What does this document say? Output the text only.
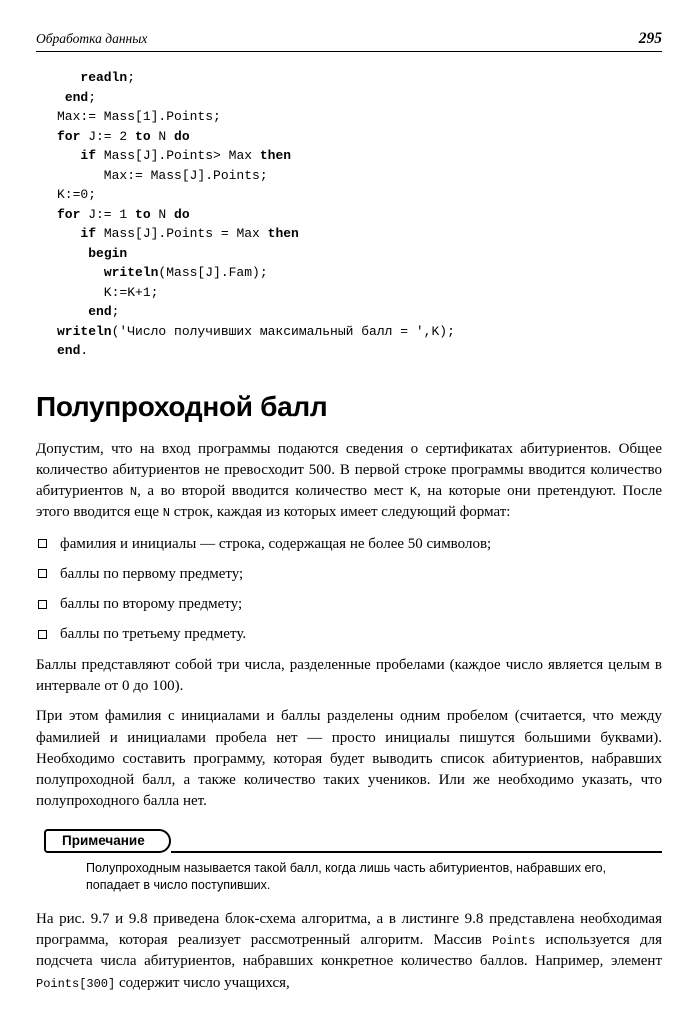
Обработка данных	295
readln;
end;
Max:= Mass[1].Points;
for J:= 2 to N do
if Mass[J].Points> Max then
Max:= Mass[J].Points;
K:=0;
for J:= 1 to N do
if Mass[J].Points = Max then
begin
writeln(Mass[J].Fam);
K:=K+1;
end;
writeln('Число получивших максимальный балл = ',K);
end.
Полупроходной балл

Допустим, что на вход программы подаются сведения о сертификатах абитуриентов. Общее количество абитуриентов не превосходит 500. В первой строке программы вводится количество абитуриентов N, а во второй вводится количество мест K, на которые они претендуют. После этого вводится еще N строк, каждая из которых имеет следующий формат:

фамилия и инициалы — строка, содержащая не более 50 символов;
баллы по первому предмету;
баллы по второму предмету;
баллы по третьему предмету.

Баллы представляют собой три числа, разделенные пробелами (каждое число является целым в интервале от 0 до 100).

При этом фамилия с инициалами и баллы разделены одним пробелом (считается, что между фамилией и инициалами пробела нет — просто инициалы пишутся большими буквами). Необходимо составить программу, которая будет выводить список абитуриентов, набравших полупроходной балл, а также количество таких учеников. Или же необходимо указать, что полупроходного балла нет.

Примечание

Полупроходным называется такой балл, когда лишь часть абитуриентов, набравших его, попадает в число поступивших.

На рис. 9.7 и 9.8 приведена блок-схема алгоритма, а в листинге 9.8 представлена необходимая программа, которая реализует рассмотренный алгоритм. Массив Points используется для подсчета числа абитуриентов, набравших конкретное количество баллов. Например, элемент Points[300] содержит число учащихся,
